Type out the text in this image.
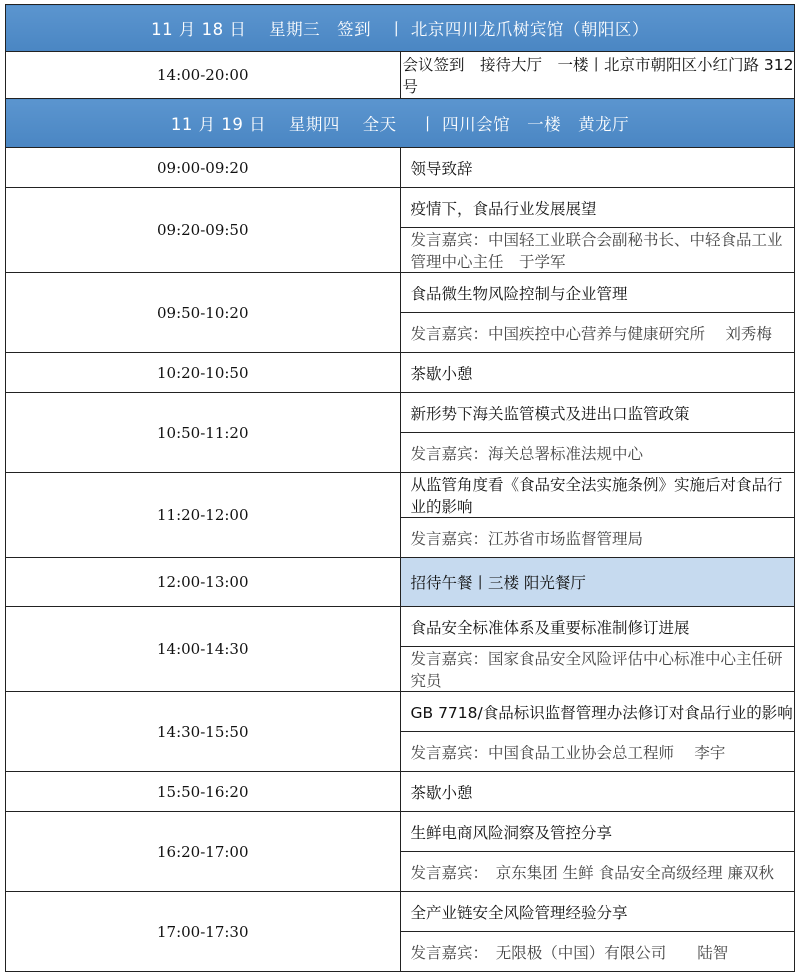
11 月 18 日　 星期三　签到　丨 北京四川龙爪树宾馆（朝阳区）	
14:00-20:00	会议签到　接待大厅　一楼丨北京市朝阳区小红门路 312 号
11 月 19 日　 星期四　 全天　 丨 四川会馆　一楼　黄龙厅	
09:00-09:20	领导致辞
09:20-09:50	疫情下，食品行业发展展望
	发言嘉宾：中国轻工业联合会副秘书长、中轻食品工业管理中心主任　于学军
09:50-10:20	食品微生物风险控制与企业管理
	发言嘉宾：中国疾控中心营养与健康研究所　 刘秀梅
10:20-10:50	茶歇小憩
10:50-11:20	新形势下海关监管模式及进出口监管政策
	发言嘉宾：海关总署标准法规中心
11:20-12:00	从监管角度看《食品安全法实施条例》实施后对食品行业的影响
	发言嘉宾：江苏省市场监督管理局
12:00-13:00	招待午餐丨三楼 阳光餐厅
14:00-14:30	食品安全标准体系及重要标准制修订进展
	发言嘉宾：国家食品安全风险评估中心标准中心主任研究员
14:30-15:50	GB 7718/食品标识监督管理办法修订对食品行业的影响
	发言嘉宾：中国食品工业协会总工程师　 李宇
15:50-16:20	茶歇小憩
16:20-17:00	生鲜电商风险洞察及管控分享
	发言嘉宾：　京东集团 生鲜 食品安全高级经理 廉双秋
17:00-17:30	全产业链安全风险管理经验分享
	发言嘉宾：　无限极（中国）有限公司　　陆智
